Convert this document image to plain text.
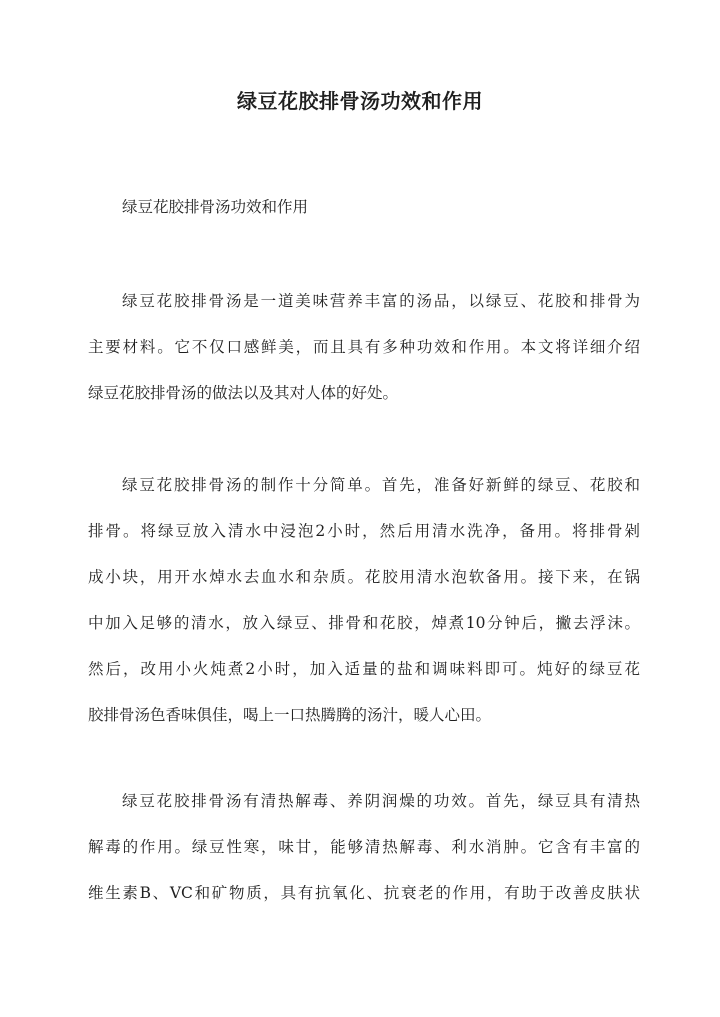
绿豆花胶排骨汤功效和作用

绿豆花胶排骨汤功效和作用

绿豆花胶排骨汤是一道美味营养丰富的汤品，以绿豆、花胶和排骨为
主要材料。它不仅口感鲜美，而且具有多种功效和作用。本文将详细介绍
绿豆花胶排骨汤的做法以及其对人体的好处。
绿豆花胶排骨汤的制作十分简单。首先，准备好新鲜的绿豆、花胶和
排骨。将绿豆放入清水中浸泡2小时，然后用清水洗净，备用。将排骨剁
成小块，用开水焯水去血水和杂质。花胶用清水泡软备用。接下来，在锅
中加入足够的清水，放入绿豆、排骨和花胶，焯煮10分钟后，撇去浮沫。
然后，改用小火炖煮2小时，加入适量的盐和调味料即可。炖好的绿豆花
胶排骨汤色香味俱佳，喝上一口热腾腾的汤汁，暖人心田。
绿豆花胶排骨汤有清热解毒、养阴润燥的功效。首先，绿豆具有清热
解毒的作用。绿豆性寒，味甘，能够清热解毒、利水消肿。它含有丰富的
维生素B、VC和矿物质，具有抗氧化、抗衰老的作用，有助于改善皮肤状
